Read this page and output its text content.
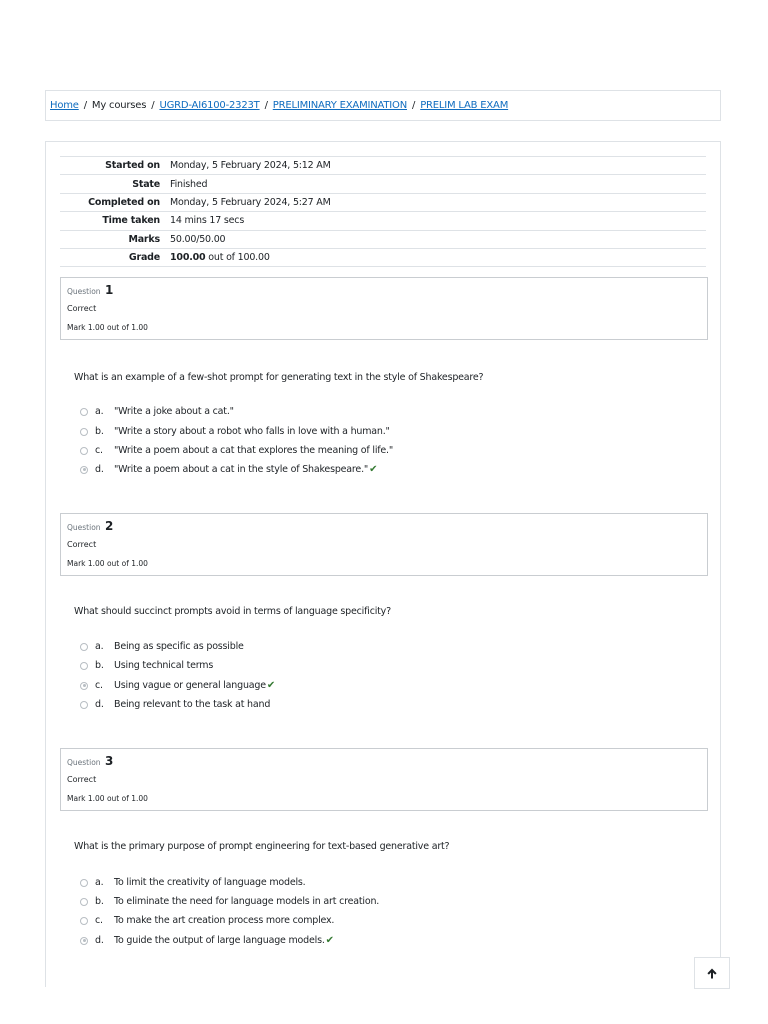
Home / My courses / UGRD-AI6100-2323T / PRELIMINARY EXAMINATION / PRELIM LAB EXAM
Started on	Monday, 5 February 2024, 5:12 AM
State	Finished
Completed on	Monday, 5 February 2024, 5:27 AM
Time taken	14 mins 17 secs
Marks	50.00/50.00
Grade	100.00 out of 100.00
Question 1
Correct
Mark 1.00 out of 1.00
What is an example of a few-shot prompt for generating text in the style of Shakespeare?
a.	"Write a joke about a cat."
b.	"Write a story about a robot who falls in love with a human."
c.	"Write a poem about a cat that explores the meaning of life."
d.	"Write a poem about a cat in the style of Shakespeare." ✔
Question 2
Correct
Mark 1.00 out of 1.00
What should succinct prompts avoid in terms of language specificity?
a.	Being as specific as possible
b.	Using technical terms
c.	Using vague or general language ✔
d.	Being relevant to the task at hand
Question 3
Correct
Mark 1.00 out of 1.00
What is the primary purpose of prompt engineering for text-based generative art?
a.	To limit the creativity of language models.
b.	To eliminate the need for language models in art creation.
c.	To make the art creation process more complex.
d.	To guide the output of large language models. ✔
